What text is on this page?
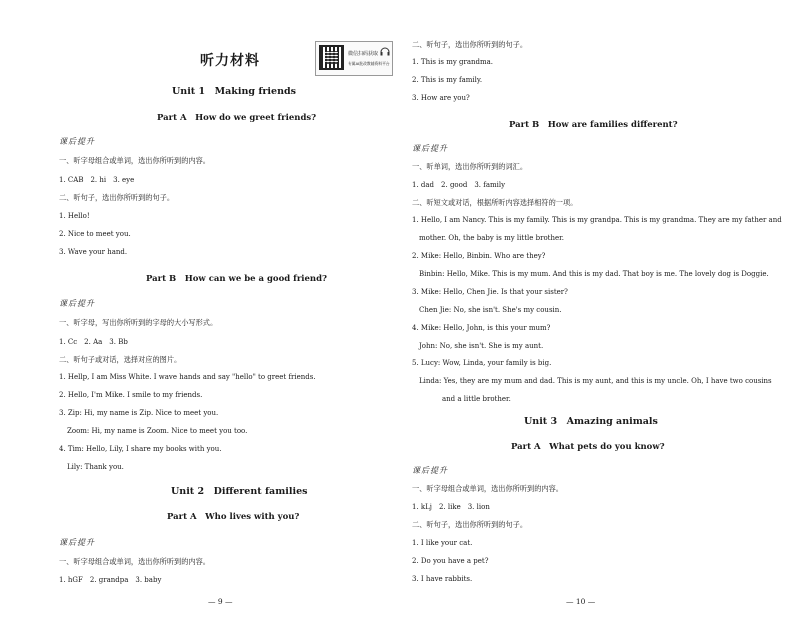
听力材料	微信扫码获取
专属AI批改教辅资料平台
Unit 1　Making friends
Part A　How do we greet friends?
课后提升
一、听字母组合或单词，选出你所听到的内容。
1. CAB　2. hi　3. eye
二、听句子，选出你所听到的句子。
1. Hello!
2. Nice to meet you.
3. Wave your hand.
Part B　How can we be a good friend?
课后提升
一、听字母，写出你所听到的字母的大小写形式。
1. Cc　2. Aa　3. Bb
二、听句子或对话，选择对应的图片。
1. Hellp, I am Miss White. I wave hands and say "hello" to greet friends.
2. Hello, I'm Mike. I smile to my friends.
3. Zip: Hi, my name is Zip. Nice to meet you.
Zoom: Hi, my name is Zoom. Nice to meet you too.
4. Tim: Hello, Lily, I share my books with you.
Lily: Thank you.
Unit 2　Different families
Part A　Who lives with you?
课后提升
一、听字母组合或单词，选出你所听到的内容。
1. hGF　2. grandpa　3. baby
— 9 —
二、听句子，选出你所听到的句子。
1. This is my grandma.
2. This is my family.
3. How are you?
Part B　How are families different?
课后提升
一、听单词，选出你所听到的词汇。
1. dad　2. good　3. family
二、听短文或对话，根据所听内容选择相符的一项。
1. Hello, I am Nancy. This is my family. This is my grandpa. This is my grandma. They are my father and
mother. Oh, the baby is my little brother.
2. Mike: Hello, Binbin. Who are they?
Binbin: Hello, Mike. This is my mum. And this is my dad. That boy is me. The lovely dog is Doggie.
3. Mike: Hello, Chen Jie. Is that your sister?
Chen Jie: No, she isn't. She's my cousin.
4. Mike: Hello, John, is this your mum?
John: No, she isn't. She is my aunt.
5. Lucy: Wow, Linda, your family is big.
Linda: Yes, they are my mum and dad. This is my aunt, and this is my uncle. Oh, I have two cousins
and a little brother.
Unit 3　Amazing animals
Part A　What pets do you know?
课后提升
一、听字母组合或单词，选出你所听到的内容。
1. kLj　2. like　3. lion
二、听句子，选出你所听到的句子。
1. I like your cat.
2. Do you have a pet?
3. I have rabbits.
— 10 —
